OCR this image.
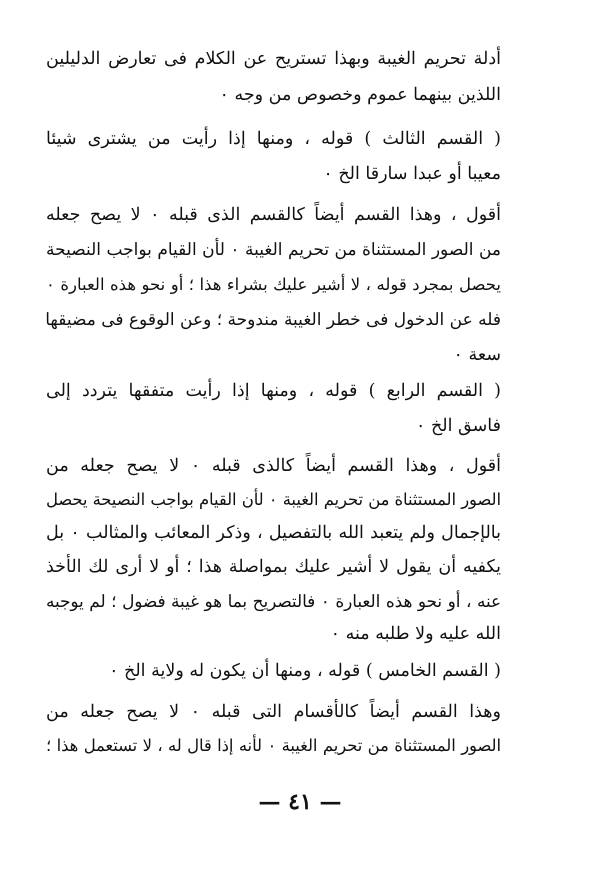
أدلة تحريم الغيبة وبهذا تستريح عن الكلام فى تعارض الدليلين
اللذين بينهما عموم وخصوص من وجه ٠
( القسم الثالث ) قوله ، ومنها إذا رأيت من يشترى شيئا
معيبا أو عبدا سارقا الخ ٠
أقول ، وهذا القسم أيضاً كالقسم الذى قبله ٠ لا يصح جعله
من الصور المستثناة من تحريم الغيبة ٠ لأن القيام بواجب النصيحة
يحصل بمجرد قوله ، لا أشير عليك بشراء هذا ؛ أو نحو هذه العبارة ٠
فله عن الدخول فى خطر الغيبة مندوحة ؛ وعن الوقوع فى مضيقها
سعة ٠
( القسم الرابع ) قوله ، ومنها إذا رأيت متفقها يتردد إلى
فاسق الخ ٠
أقول ، وهذا القسم أيضاً كالذى قبله ٠ لا يصح جعله من
الصور المستثناة من تحريم الغيبة ٠ لأن القيام بواجب النصيحة يحصل
بالإجمال ولم يتعبد الله بالتفصيل ، وذكر المعائب والمثالب ٠ بل
يكفيه أن يقول لا أشير عليك بمواصلة هذا ؛ أو لا أرى لك الأخذ
عنه ، أو نحو هذه العبارة ٠ فالتصريح بما هو غيبة فضول ؛ لم يوجبه
الله عليه ولا طلبه منه ٠
( القسم الخامس ) قوله ، ومنها أن يكون له ولاية الخ ٠
وهذا القسم أيضاً كالأقسام التى قبله ٠ لا يصح جعله من
الصور المستثناة من تحريم الغيبة ٠ لأنه إذا قال له ، لا تستعمل هذا ؛
— ٤١ —
